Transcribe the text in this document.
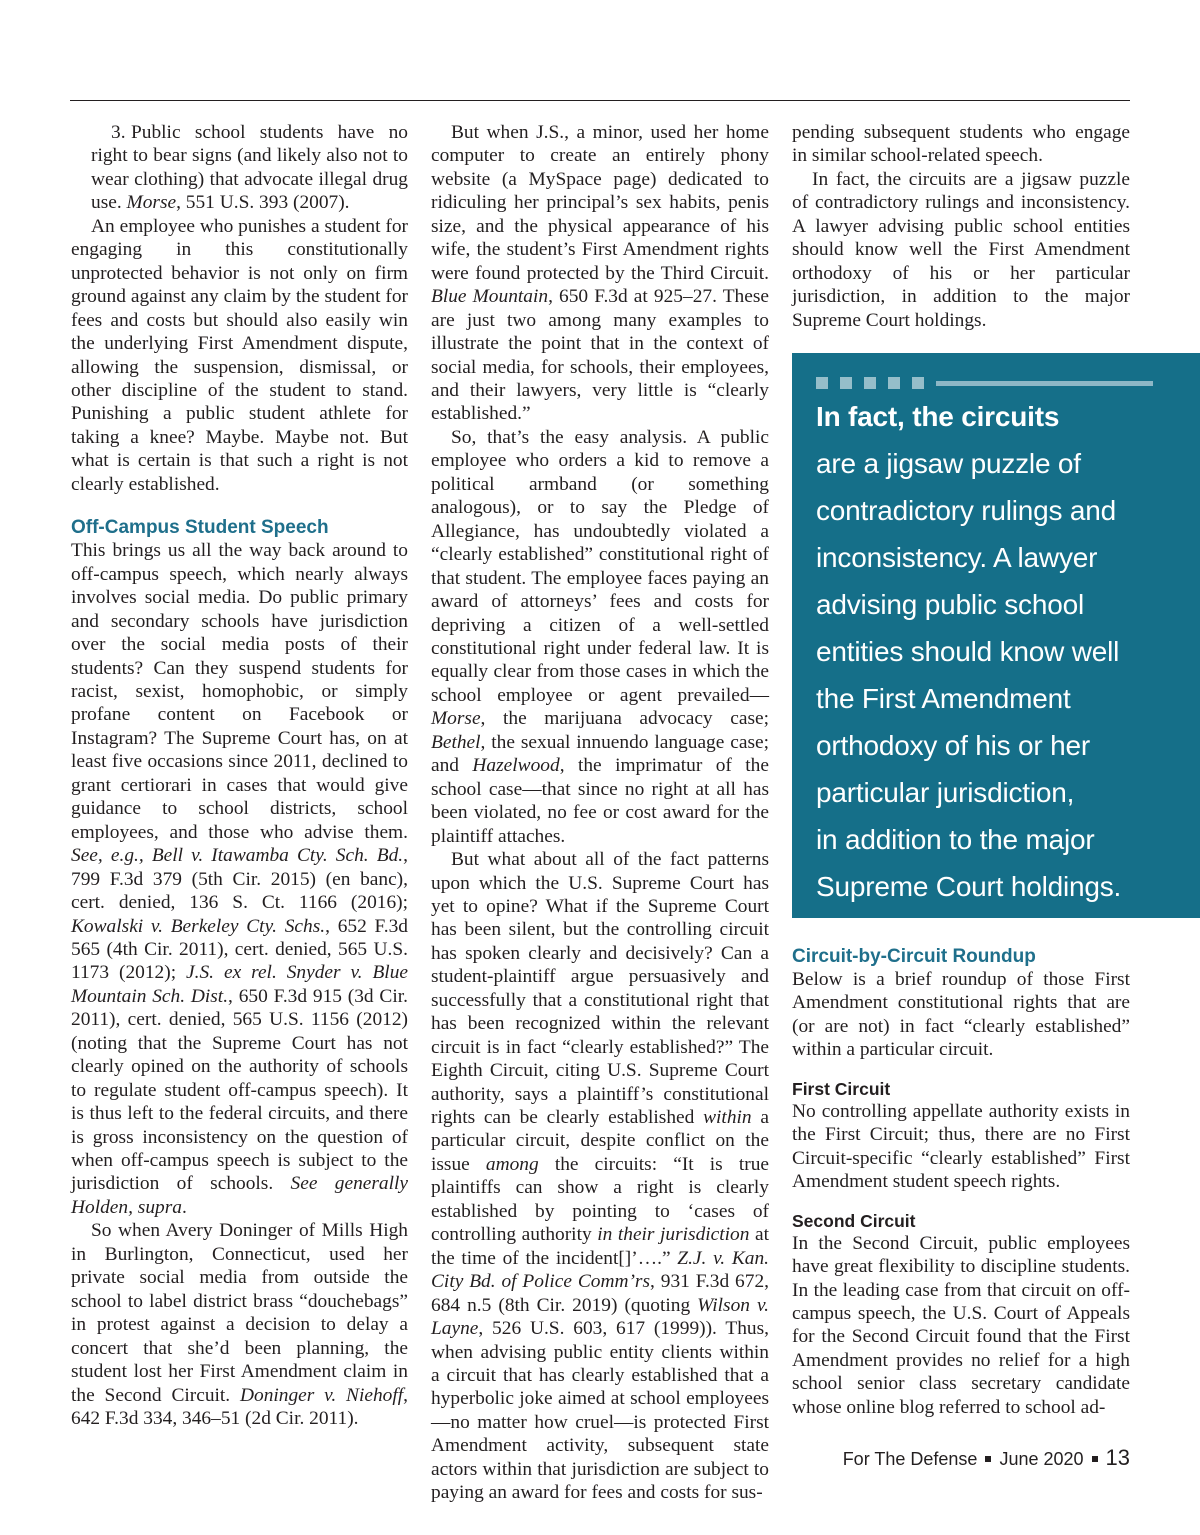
3. Public school students have no right to bear signs (and likely also not to wear clothing) that advocate illegal drug use. Morse, 551 U.S. 393 (2007).

An employee who punishes a student for engaging in this constitutionally unprotected behavior is not only on firm ground against any claim by the student for fees and costs but should also easily win the underlying First Amendment dispute, allowing the suspension, dismissal, or other discipline of the student to stand. Punishing a public student athlete for taking a knee? Maybe. Maybe not. But what is certain is that such a right is not clearly established.

Off-Campus Student Speech

This brings us all the way back around to off-campus speech, which nearly always involves social media. Do public primary and secondary schools have jurisdiction over the social media posts of their students? Can they suspend students for racist, sexist, homophobic, or simply profane content on Facebook or Instagram? The Supreme Court has, on at least five occasions since 2011, declined to grant certiorari in cases that would give guidance to school districts, school employees, and those who advise them. See, e.g., Bell v. Itawamba Cty. Sch. Bd., 799 F.3d 379 (5th Cir. 2015) (en banc), cert. denied, 136 S. Ct. 1166 (2016); Kowalski v. Berkeley Cty. Schs., 652 F.3d 565 (4th Cir. 2011), cert. denied, 565 U.S. 1173 (2012); J.S. ex rel. Snyder v. Blue Mountain Sch. Dist., 650 F.3d 915 (3d Cir. 2011), cert. denied, 565 U.S. 1156 (2012) (noting that the Supreme Court has not clearly opined on the authority of schools to regulate student off-campus speech). It is thus left to the federal circuits, and there is gross inconsistency on the question of when off-campus speech is subject to the jurisdiction of schools. See generally Holden, supra.

So when Avery Doninger of Mills High in Burlington, Connecticut, used her private social media from outside the school to label district brass “douchebags” in protest against a decision to delay a concert that she’d been planning, the student lost her First Amendment claim in the Second Circuit. Doninger v. Niehoff, 642 F.3d 334, 346–51 (2d Cir. 2011).

But when J.S., a minor, used her home computer to create an entirely phony website (a MySpace page) dedicated to ridiculing her principal’s sex habits, penis size, and the physical appearance of his wife, the student’s First Amendment rights were found protected by the Third Circuit. Blue Mountain, 650 F.3d at 925–27. These are just two among many examples to illustrate the point that in the context of social media, for schools, their employees, and their lawyers, very little is “clearly established.”

So, that’s the easy analysis. A public employee who orders a kid to remove a political armband (or something analogous), or to say the Pledge of Allegiance, has undoubtedly violated a “clearly established” constitutional right of that student. The employee faces paying an award of attorneys’ fees and costs for depriving a citizen of a well-settled constitutional right under federal law. It is equally clear from those cases in which the school employee or agent prevailed—Morse, the marijuana advocacy case; Bethel, the sexual innuendo language case; and Hazelwood, the imprimatur of the school case—that since no right at all has been violated, no fee or cost award for the plaintiff attaches.

But what about all of the fact patterns upon which the U.S. Supreme Court has yet to opine? What if the Supreme Court has been silent, but the controlling circuit has spoken clearly and decisively? Can a student-plaintiff argue persuasively and successfully that a constitutional right that has been recognized within the relevant circuit is in fact “clearly established?” The Eighth Circuit, citing U.S. Supreme Court authority, says a plaintiff’s constitutional rights can be clearly established within a particular circuit, despite conflict on the issue among the circuits: “It is true plaintiffs can show a right is clearly established by pointing to ‘cases of controlling authority in their jurisdiction at the time of the incident[]’….” Z.J. v. Kan. City Bd. of Police Comm’rs, 931 F.3d 672, 684 n.5 (8th Cir. 2019) (quoting Wilson v. Layne, 526 U.S. 603, 617 (1999)). Thus, when advising public entity clients within a circuit that has clearly established that a hyperbolic joke aimed at school employees—no matter how cruel—is protected First Amendment activity, subsequent state actors within that jurisdiction are subject to paying an award for fees and costs for sus-

pending subsequent students who engage in similar school-related speech.

In fact, the circuits are a jigsaw puzzle of contradictory rulings and inconsistency. A lawyer advising public school entities should know well the First Amendment orthodoxy of his or her particular jurisdiction, in addition to the major Supreme Court holdings.

In fact, the circuits
are a jigsaw puzzle of
contradictory rulings and
inconsistency. A lawyer
advising public school
entities should know well
the First Amendment
orthodoxy of his or her
particular jurisdiction,
in addition to the major
Supreme Court holdings.
Circuit-by-Circuit Roundup

Below is a brief roundup of those First Amendment constitutional rights that are (or are not) in fact “clearly established” within a particular circuit.

First Circuit

No controlling appellate authority exists in the First Circuit; thus, there are no First Circuit-specific “clearly established” First Amendment student speech rights.

Second Circuit

In the Second Circuit, public employees have great flexibility to discipline students. In the leading case from that circuit on off-campus speech, the U.S. Court of Appeals for the Second Circuit found that the First Amendment provides no relief for a high school senior class secretary candidate whose online blog referred to school ad-

For The Defense June 2020 13
